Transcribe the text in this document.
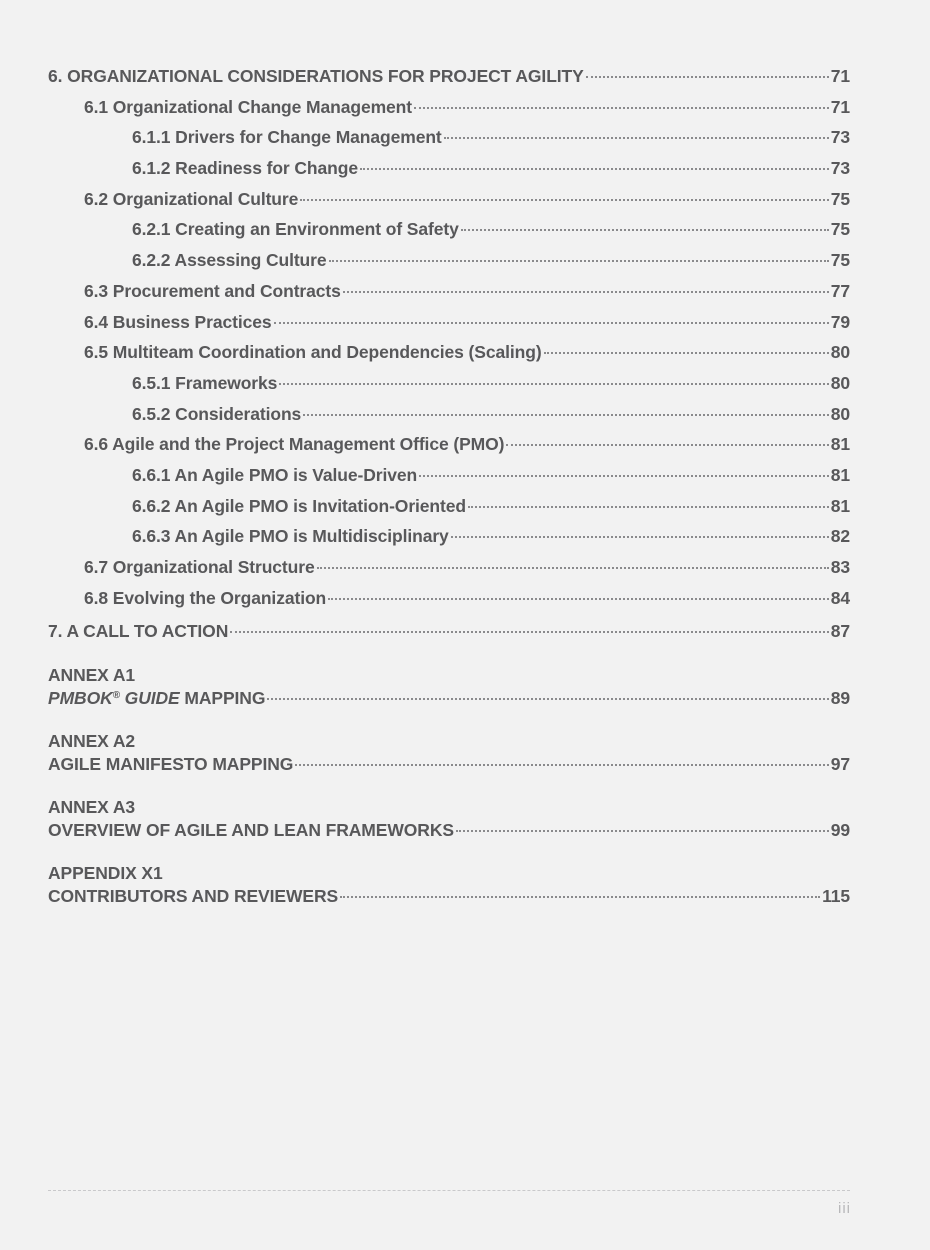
6. ORGANIZATIONAL CONSIDERATIONS FOR PROJECT AGILITY	71
6.1 Organizational Change Management	71
6.1.1 Drivers for Change Management	73
6.1.2 Readiness for Change	73
6.2 Organizational Culture	75
6.2.1 Creating an Environment of Safety	75
6.2.2 Assessing Culture	75
6.3 Procurement and Contracts	77
6.4 Business Practices	79
6.5 Multiteam Coordination and Dependencies (Scaling)	80
6.5.1 Frameworks	80
6.5.2 Considerations	80
6.6 Agile and the Project Management Office (PMO)	81
6.6.1 An Agile PMO is Value-Driven	81
6.6.2 An Agile PMO is Invitation-Oriented	81
6.6.3 An Agile PMO is Multidisciplinary	82
6.7 Organizational Structure	83
6.8 Evolving the Organization	84
7. A CALL TO ACTION	87
ANNEX A1
PMBOK® GUIDE MAPPING	89
ANNEX A2
AGILE MANIFESTO MAPPING	97
ANNEX A3
OVERVIEW OF AGILE AND LEAN FRAMEWORKS	99
APPENDIX X1
CONTRIBUTORS AND REVIEWERS	115
iii
